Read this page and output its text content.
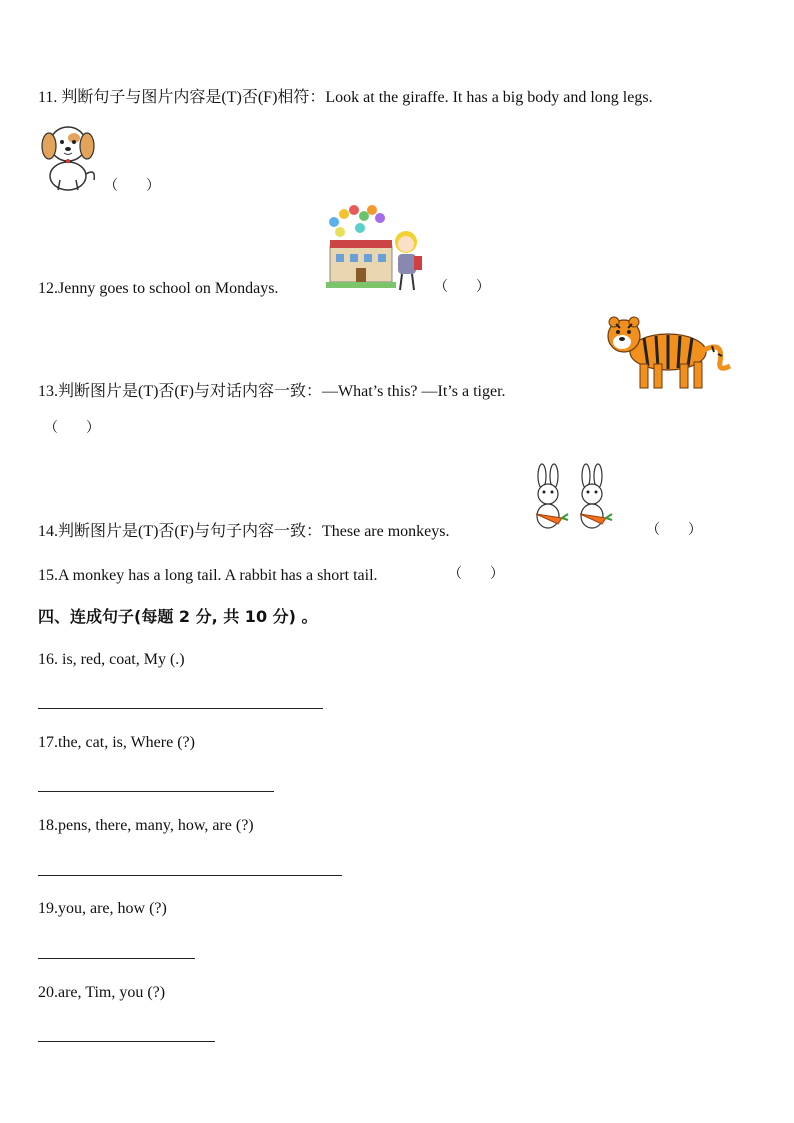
11. 判断句子与图片内容是(T)否(F)相符：Look at the giraffe. It has a big body and long legs.
（　　）
12.Jenny goes to school on Mondays.	（　　）
13.判断图片是(T)否(F)与对话内容一致：—What’s this? —It’s a tiger.
（　　）
14.判断图片是(T)否(F)与句子内容一致：These are monkeys.	（　　）
15.A monkey has a long tail. A rabbit has a short tail.	（　　）
四、连成句子(每题 2 分, 共 10 分) 。
16. is, red, coat, My (.)
17.the, cat, is, Where (?)
18.pens, there, many, how, are (?)
19.you, are, how (?)
20.are, Tim, you (?)
